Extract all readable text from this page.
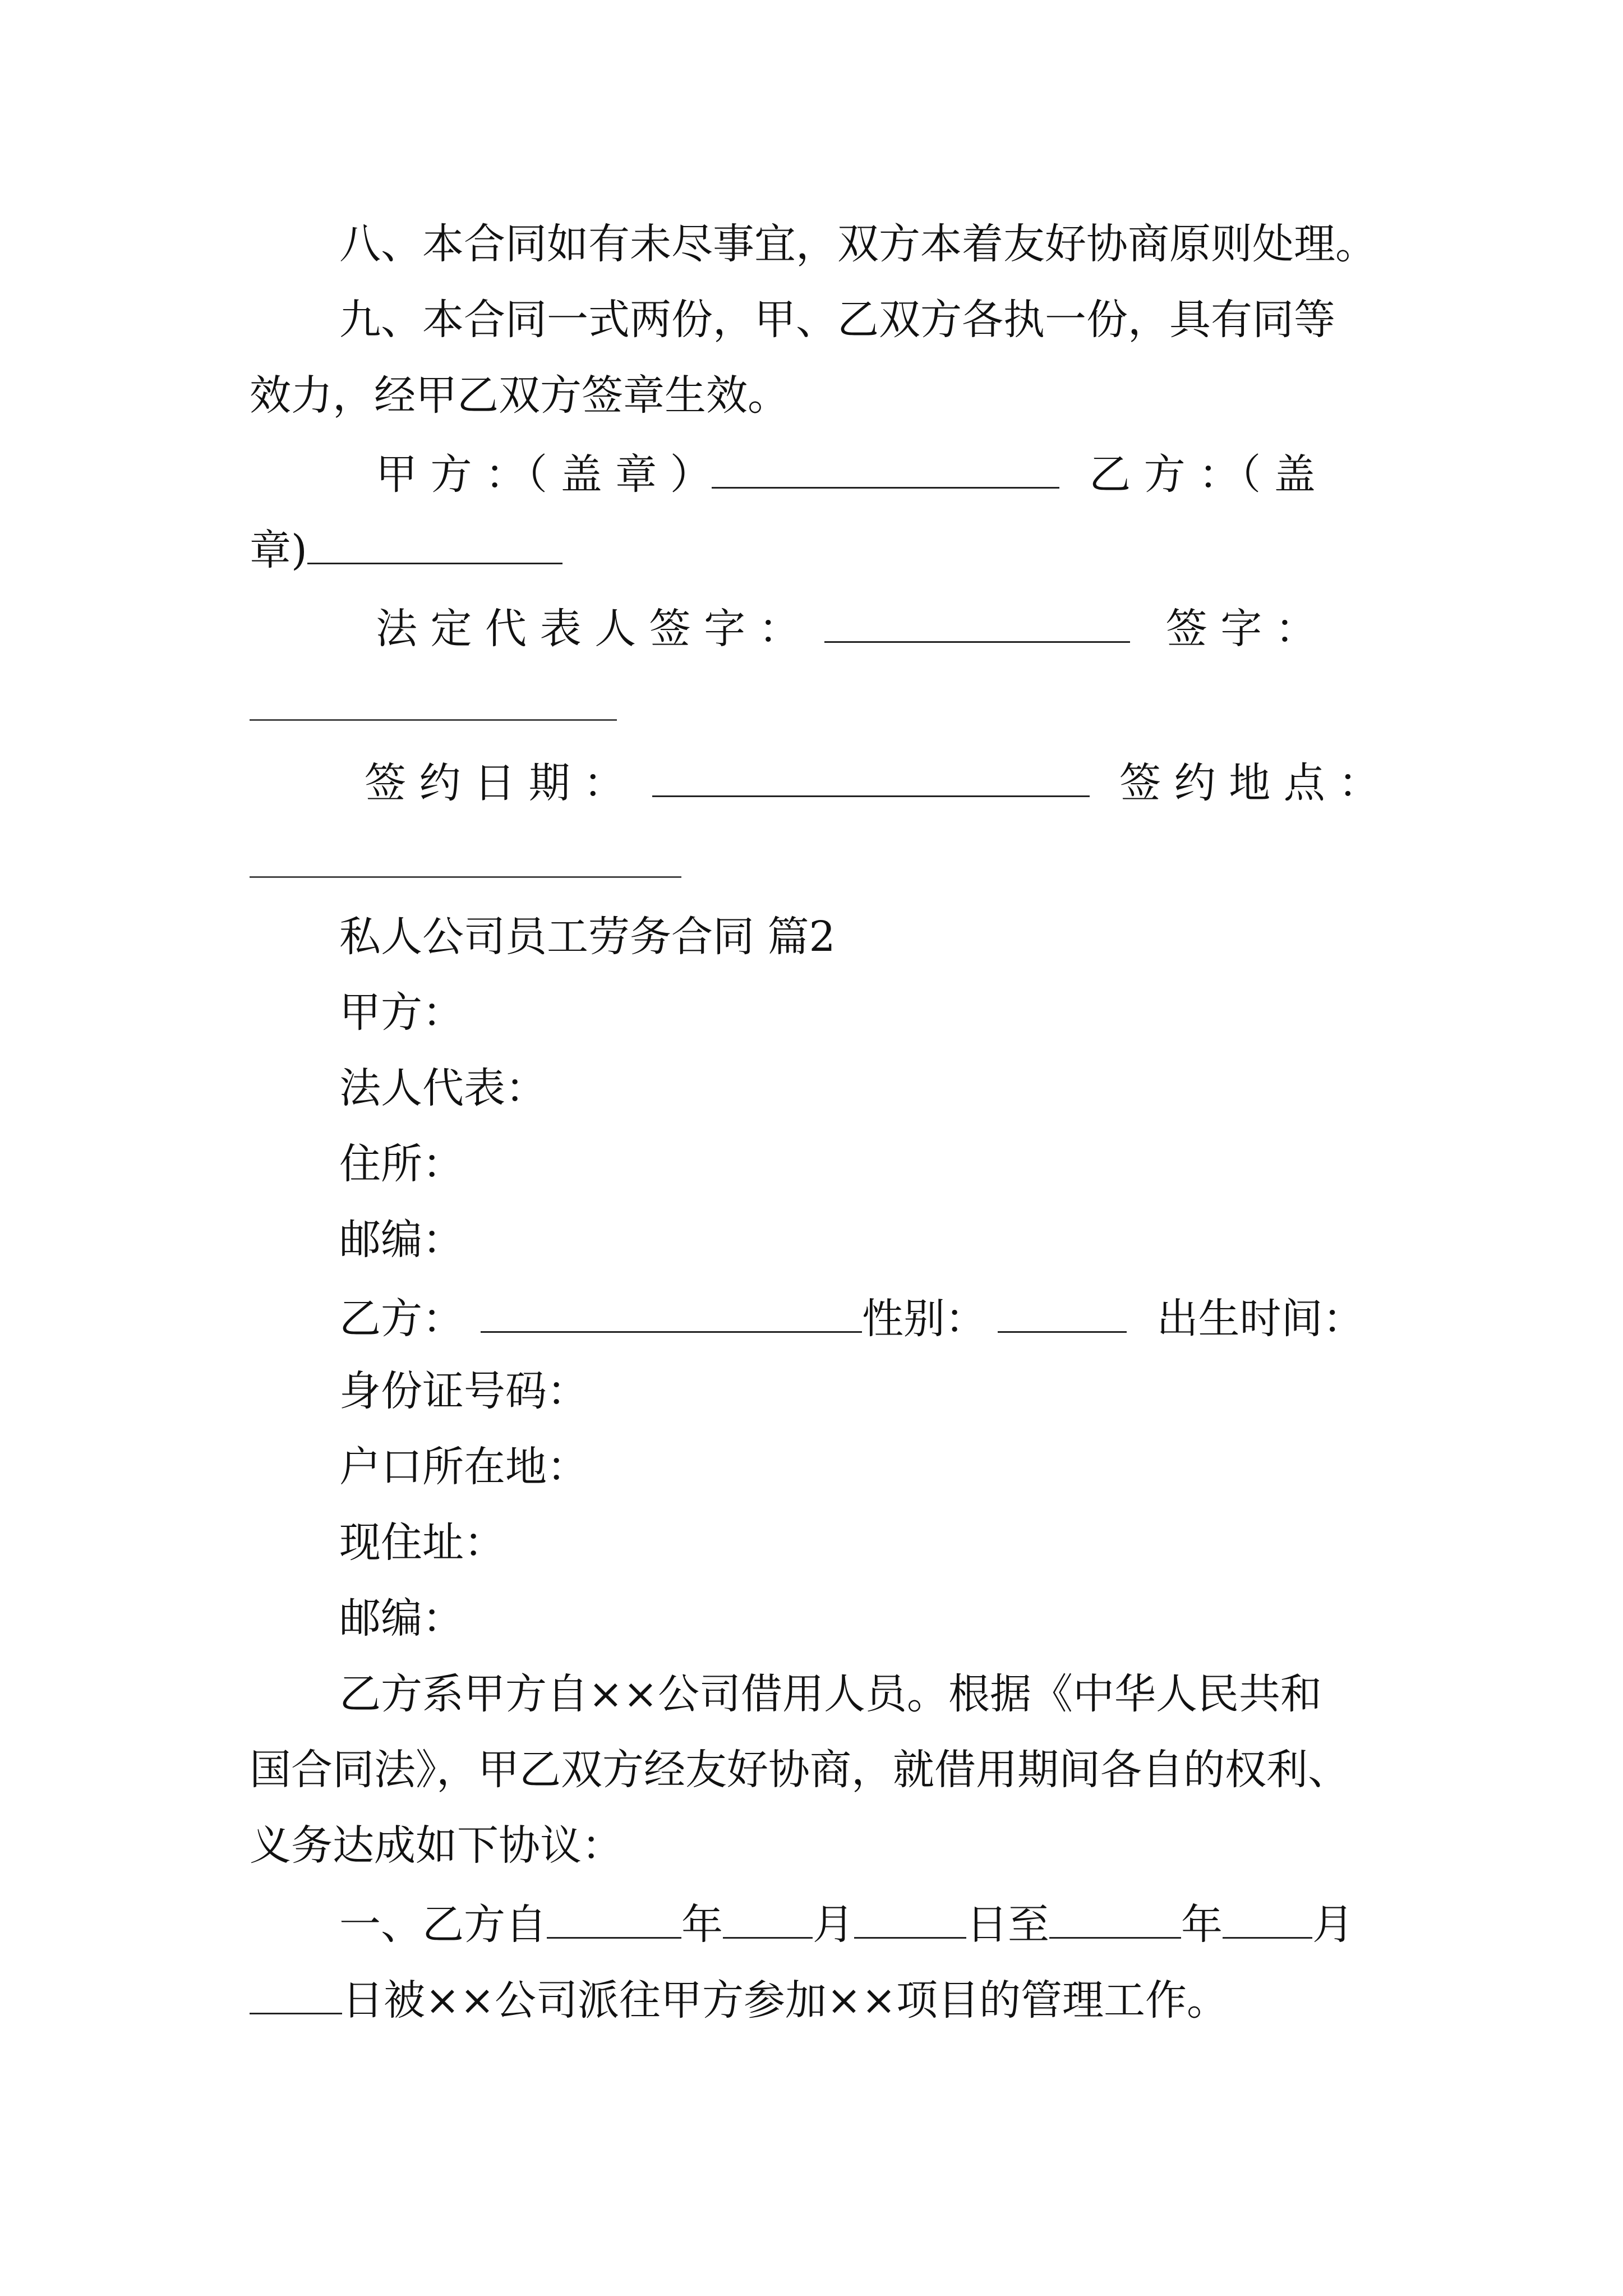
八、本合同如有未尽事宜，双方本着友好协商原则处理。
九、本合同一式两份，甲、乙双方各执一份，具有同等
效力，经甲乙双方签章生效。
甲 方 ：（ 盖 章 ）	乙 方 ：（ 盖
章)
法 定 代 表 人 签 字 ：	签 字 ：
签 约 日 期 ：	签 约 地 点 ：
私人公司员工劳务合同 篇2
甲方：
法人代表：
住所：
邮编：
乙方：	性别：	出生时间：
身份证号码：
户口所在地：
现住址：
邮编：
乙方系甲方自××公司借用人员。根据《中华人民共和
国合同法》，甲乙双方经友好协商，就借用期间各自的权利、
义务达成如下协议：
一、乙方自	年 月	日至	年 月
日被××公司派往甲方参加××项目的管理工作。
